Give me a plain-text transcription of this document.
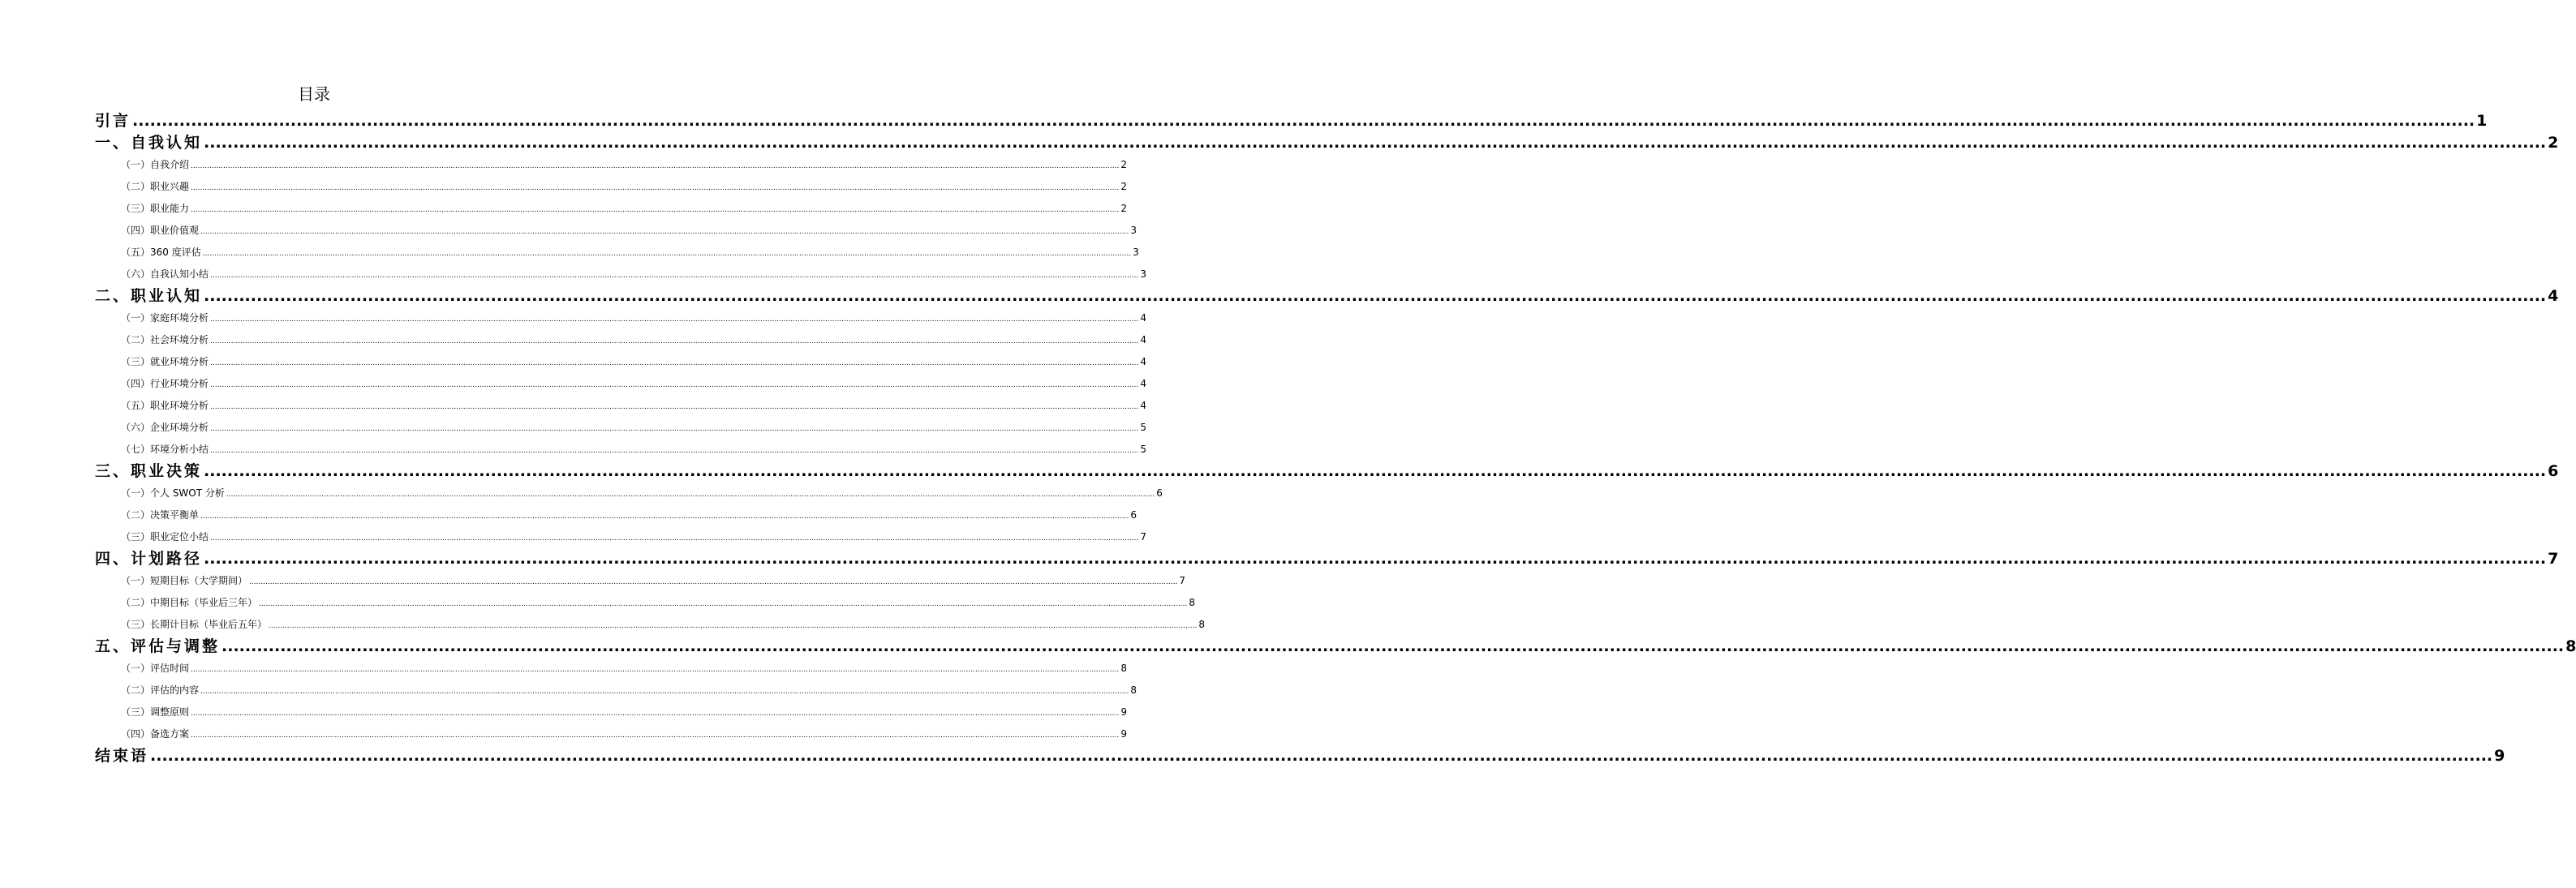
目录
引言 ................................................................................................................................................................................................................................................................................................................................................................................................................ 1
一、自我认知 ................................................................................................................................................................................................................................................................................................................................................................................................................ 2
（一）自我介绍 ................................................................................................................................................................................................................................................................................................................................................................................................................ 2
（二）职业兴趣 ................................................................................................................................................................................................................................................................................................................................................................................................................ 2
（三）职业能力 ................................................................................................................................................................................................................................................................................................................................................................................................................ 2
（四）职业价值观 ................................................................................................................................................................................................................................................................................................................................................................................................................ 3
（五）360 度评估 ................................................................................................................................................................................................................................................................................................................................................................................................................ 3
（六）自我认知小结 ................................................................................................................................................................................................................................................................................................................................................................................................................ 3
二、职业认知 ................................................................................................................................................................................................................................................................................................................................................................................................................ 4
（一）家庭环境分析 ................................................................................................................................................................................................................................................................................................................................................................................................................ 4
（二）社会环境分析 ................................................................................................................................................................................................................................................................................................................................................................................................................ 4
（三）就业环境分析 ................................................................................................................................................................................................................................................................................................................................................................................................................ 4
（四）行业环境分析 ................................................................................................................................................................................................................................................................................................................................................................................................................ 4
（五）职业环境分析 ................................................................................................................................................................................................................................................................................................................................................................................................................ 4
（六）企业环境分析 ................................................................................................................................................................................................................................................................................................................................................................................................................ 5
（七）环境分析小结 ................................................................................................................................................................................................................................................................................................................................................................................................................ 5
三、职业决策 ................................................................................................................................................................................................................................................................................................................................................................................................................ 6
（一）个人 SWOT 分析 ................................................................................................................................................................................................................................................................................................................................................................................................................ 6
（二）决策平衡单 ................................................................................................................................................................................................................................................................................................................................................................................................................ 6
（三）职业定位小结 ................................................................................................................................................................................................................................................................................................................................................................................................................ 7
四、计划路径 ................................................................................................................................................................................................................................................................................................................................................................................................................ 7
（一）短期目标（大学期间） ................................................................................................................................................................................................................................................................................................................................................................................................................ 7
（二）中期目标（毕业后三年） ................................................................................................................................................................................................................................................................................................................................................................................................................ 8
（三）长期计目标（毕业后五年） ................................................................................................................................................................................................................................................................................................................................................................................................................ 8
五、评估与调整 ................................................................................................................................................................................................................................................................................................................................................................................................................ 8
（一）评估时间 ................................................................................................................................................................................................................................................................................................................................................................................................................ 8
（二）评估的内容 ................................................................................................................................................................................................................................................................................................................................................................................................................ 8
（三）调整原则 ................................................................................................................................................................................................................................................................................................................................................................................................................ 9
（四）备选方案 ................................................................................................................................................................................................................................................................................................................................................................................................................ 9
结束语 ................................................................................................................................................................................................................................................................................................................................................................................................................ 9
